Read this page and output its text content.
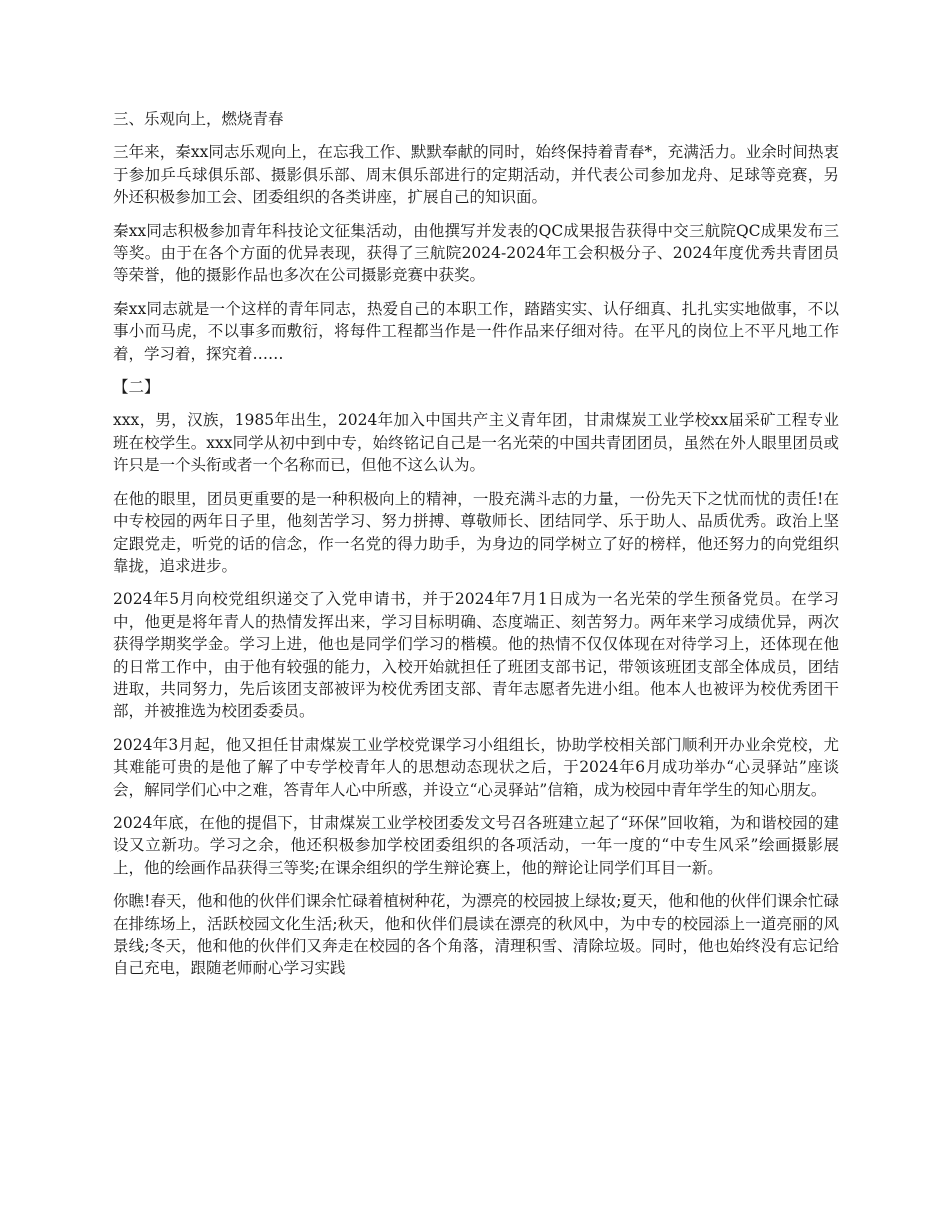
三、乐观向上，燃烧青春

三年来，秦xx同志乐观向上，在忘我工作、默默奉献的同时，始终保持着青春*，充满活力。业余时间热衷于参加乒乓球俱乐部、摄影俱乐部、周末俱乐部进行的定期活动，并代表公司参加龙舟、足球等竞赛，另外还积极参加工会、团委组织的各类讲座，扩展自己的知识面。

秦xx同志积极参加青年科技论文征集活动，由他撰写并发表的QC成果报告获得中交三航院QC成果发布三等奖。由于在各个方面的优异表现，获得了三航院2024-2024年工会积极分子、2024年度优秀共青团员等荣誉，他的摄影作品也多次在公司摄影竞赛中获奖。

秦xx同志就是一个这样的青年同志，热爱自己的本职工作，踏踏实实、认仔细真、扎扎实实地做事，不以事小而马虎，不以事多而敷衍，将每件工程都当作是一件作品来仔细对待。在平凡的岗位上不平凡地工作着，学习着，探究着……

【二】

xxx，男，汉族，1985年出生，2024年加入中国共产主义青年团，甘肃煤炭工业学校xx届采矿工程专业班在校学生。xxx同学从初中到中专，始终铭记自己是一名光荣的中国共青团团员，虽然在外人眼里团员或许只是一个头衔或者一个名称而已，但他不这么认为。

在他的眼里，团员更重要的是一种积极向上的精神，一股充满斗志的力量，一份先天下之忧而忧的责任!在中专校园的两年日子里，他刻苦学习、努力拼搏、尊敬师长、团结同学、乐于助人、品质优秀。政治上坚定跟党走，听党的话的信念，作一名党的得力助手，为身边的同学树立了好的榜样，他还努力的向党组织靠拢，追求进步。

2024年5月向校党组织递交了入党申请书，并于2024年7月1日成为一名光荣的学生预备党员。在学习中，他更是将年青人的热情发挥出来，学习目标明确、态度端正、刻苦努力。两年来学习成绩优异，两次获得学期奖学金。学习上进，他也是同学们学习的楷模。他的热情不仅仅体现在对待学习上，还体现在他的日常工作中，由于他有较强的能力，入校开始就担任了班团支部书记，带领该班团支部全体成员，团结进取，共同努力，先后该团支部被评为校优秀团支部、青年志愿者先进小组。他本人也被评为校优秀团干部，并被推选为校团委委员。

2024年3月起，他又担任甘肃煤炭工业学校党课学习小组组长，协助学校相关部门顺利开办业余党校，尤其难能可贵的是他了解了中专学校青年人的思想动态现状之后，于2024年6月成功举办“心灵驿站”座谈会，解同学们心中之难，答青年人心中所惑，并设立“心灵驿站”信箱，成为校园中青年学生的知心朋友。

2024年底，在他的提倡下，甘肃煤炭工业学校团委发文号召各班建立起了“环保”回收箱，为和谐校园的建设又立新功。学习之余，他还积极参加学校团委组织的各项活动，一年一度的“中专生风采”绘画摄影展上，他的绘画作品获得三等奖;在课余组织的学生辩论赛上，他的辩论让同学们耳目一新。

你瞧!春天，他和他的伙伴们课余忙碌着植树种花，为漂亮的校园披上绿妆;夏天，他和他的伙伴们课余忙碌在排练场上，活跃校园文化生活;秋天，他和伙伴们晨读在漂亮的秋风中，为中专的校园添上一道亮丽的风景线;冬天，他和他的伙伴们又奔走在校园的各个角落，清理积雪、清除垃圾。同时，他也始终没有忘记给自己充电，跟随老师耐心学习实践
